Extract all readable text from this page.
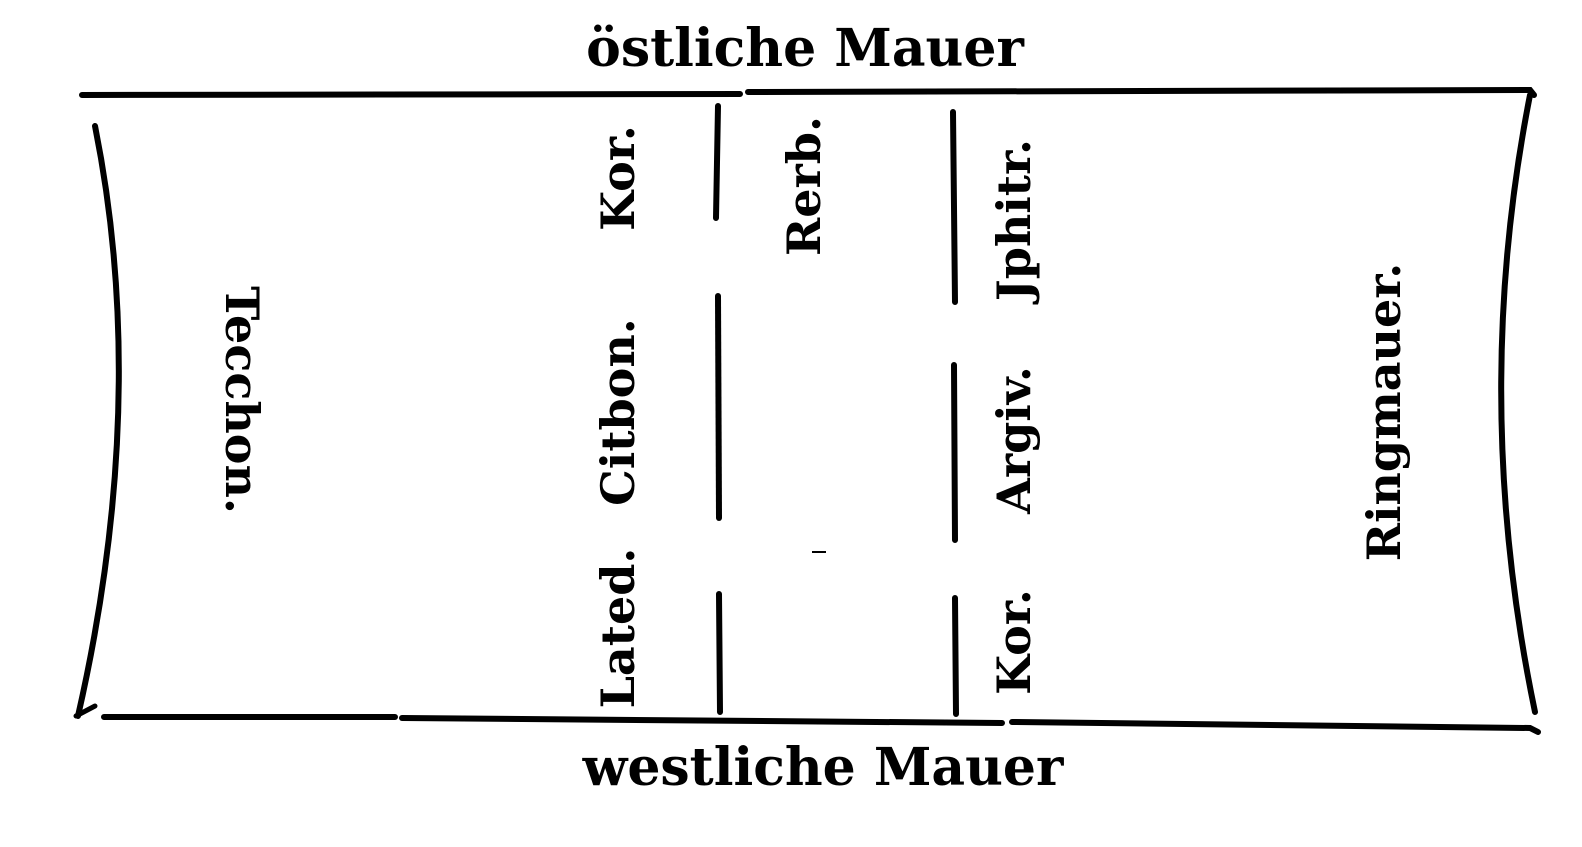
östliche Mauer
westliche Mauer
Tecchon.	Ringmauer.
Kor.
Citbon.
Lated.
Rerb.	Jphitr.
Argiv.
Kor.
